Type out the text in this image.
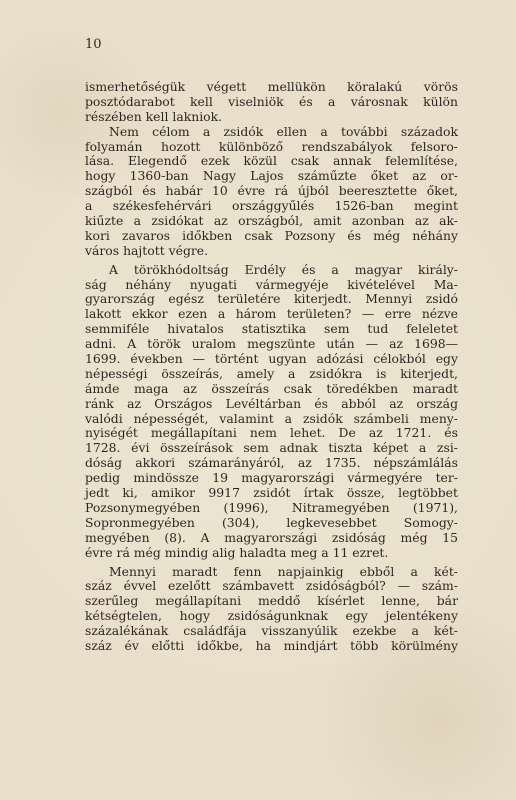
10
ismerhetőségük végett mellükön köralakú vörös
posztódarabot kell viselniök és a városnak külön
részében kell lakniok.
Nem célom a zsidók ellen a további századok
folyamán hozott különböző rendszabályok felsoro-
lása. Elegendő ezek közül csak annak felemlítése,
hogy 1360-ban Nagy Lajos száműzte őket az or-
szágból és habár 10 évre rá újból beeresztette őket,
a székesfehérvári országgyűlés 1526-ban megint
kiűzte a zsidókat az országból, amit azonban az ak-
kori zavaros időkben csak Pozsony és még néhány
város hajtott végre.
A törökhódoltság Erdély és a magyar király-
ság néhány nyugati vármegyéje kivételével Ma-
gyarország egész területére kiterjedt. Mennyi zsidó
lakott ekkor ezen a három területen? — erre nézve
semmiféle hivatalos statisztika sem tud feleletet
adni. A török uralom megszünte után — az 1698—
1699. években — történt ugyan adózási célokból egy
népességi összeírás, amely a zsidókra is kiterjedt,
ámde maga az összeírás csak töredékben maradt
ránk az Országos Levéltárban és abból az ország
valódi népességét, valamint a zsidók számbeli meny-
nyiségét megállapítani nem lehet. De az 1721. és
1728. évi összeírások sem adnak tiszta képet a zsi-
dóság akkori számarányáról, az 1735. népszámlálás
pedig mindössze 19 magyarországi vármegyére ter-
jedt ki, amikor 9917 zsidót írtak össze, legtöbbet
Pozsonymegyében (1996), Nitramegyében (1971),
Sopronmegyében (304), legkevesebbet Somogy-
megyében (8). A magyarországi zsidóság még 15
évre rá még mindig alig haladta meg a 11 ezret.
Mennyi maradt fenn napjainkig ebből a két-
száz évvel ezelőtt számbavett zsidóságból? — szám-
szerűleg megállapítani meddő kísérlet lenne, bár
kétségtelen, hogy zsidóságunknak egy jelentékeny
százalékának családfája visszanyúlik ezekbe a két-
száz év előtti időkbe, ha mindjárt több körülmény
